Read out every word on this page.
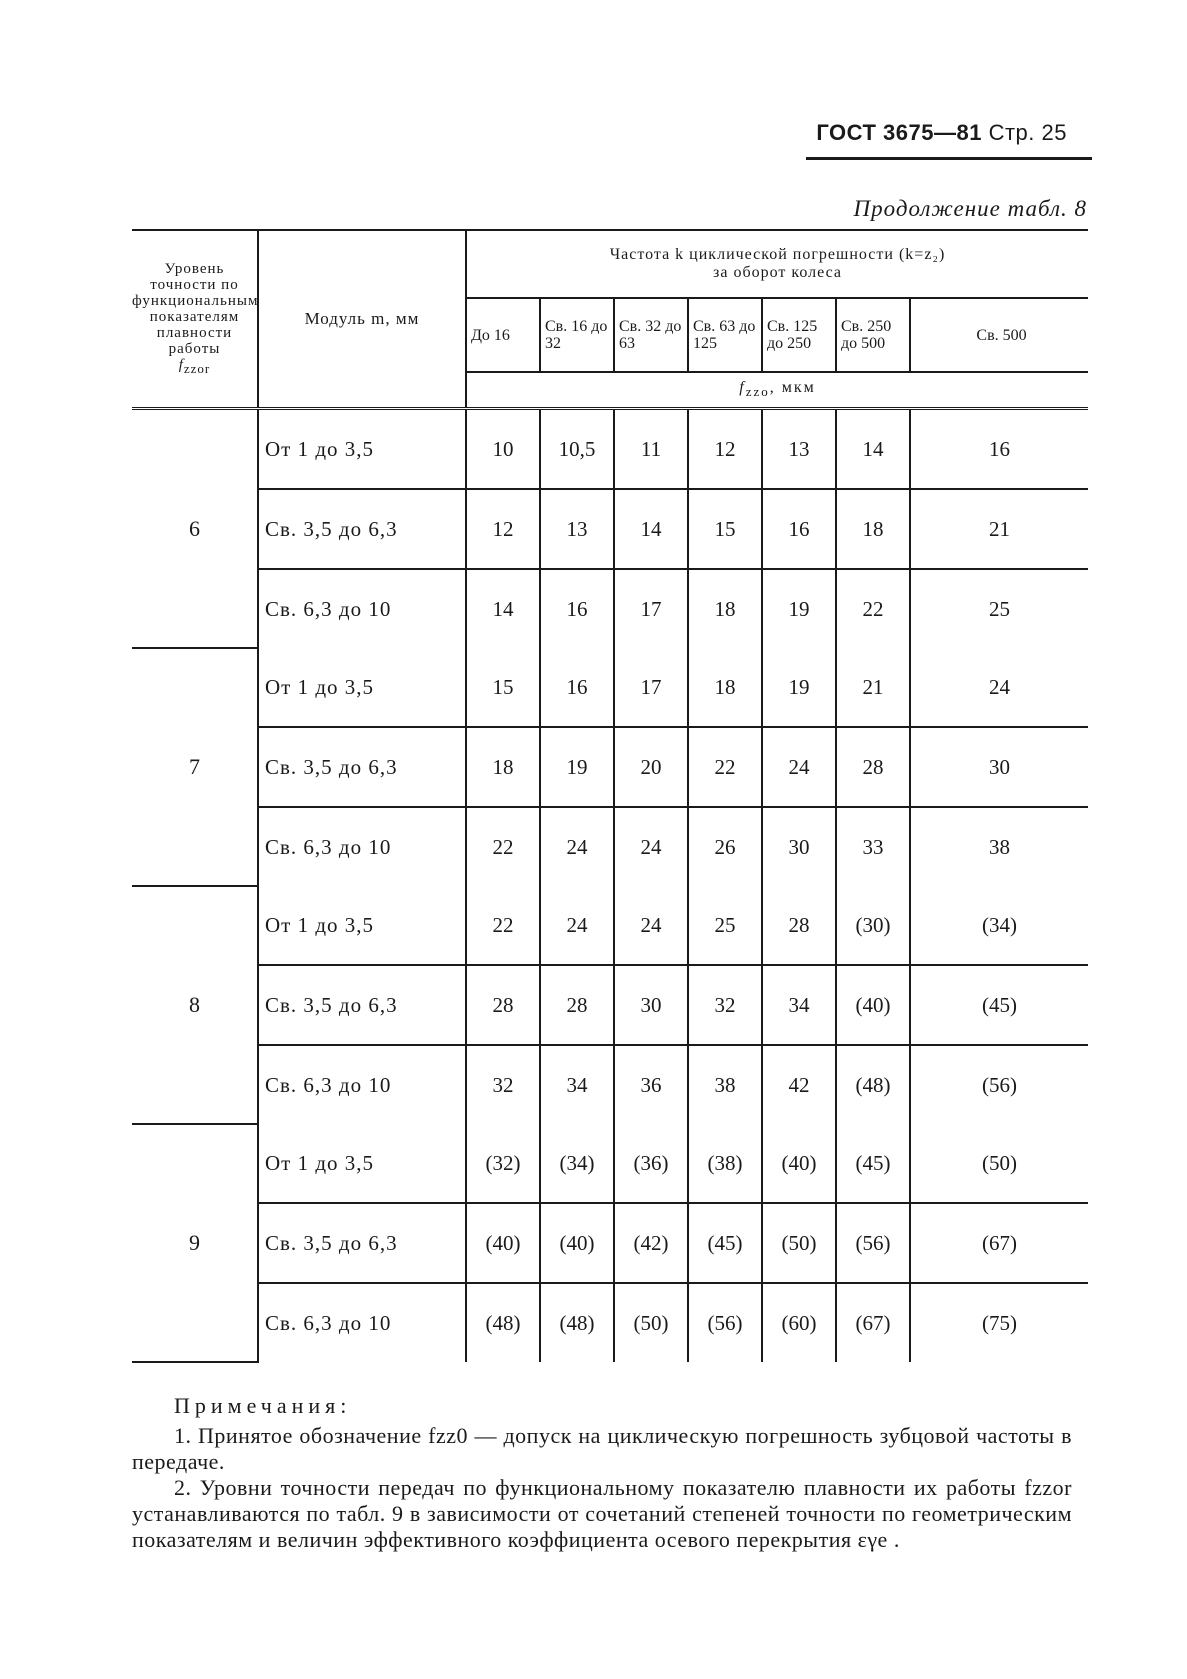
ГОСТ 3675—81 Стр. 25
Продолжение табл. 8
Уровень точности по функциональным показателям плавности работы
$f_{zzor}$	Модуль m, мм	Частота k циклической погрешности (k=z₂)
за оборот колеса						
		До 16	Св. 16 до 32	Св. 32 до 63	Св. 63 до 125	Св. 125 до 250	Св. 250 до 500	Св. 500
		$f_{zzo}$, мкм						
6	От 1 до 3,5	10	10,5	11	12	13	14	16
	Св. 3,5 до 6,3	12	13	14	15	16	18	21
	Св. 6,3 до 10	14	16	17	18	19	22	25
7	От 1 до 3,5	15	16	17	18	19	21	24
	Св. 3,5 до 6,3	18	19	20	22	24	28	30
	Св. 6,3 до 10	22	24	24	26	30	33	38
8	От 1 до 3,5	22	24	24	25	28	(30)	(34)
	Св. 3,5 до 6,3	28	28	30	32	34	(40)	(45)
	Св. 6,3 до 10	32	34	36	38	42	(48)	(56)
9	От 1 до 3,5	(32)	(34)	(36)	(38)	(40)	(45)	(50)
	Св. 3,5 до 6,3	(40)	(40)	(42)	(45)	(50)	(56)	(67)
	Св. 6,3 до 10	(48)	(48)	(50)	(56)	(60)	(67)	(75)
Примечания:

1. Принятое обозначение fzz0 — допуск на циклическую погрешность зубцовой частоты в передаче.

2. Уровни точности передач по функциональному показателю плавности их работы fzzor устанавливаются по табл. 9 в зависимости от сочетаний степеней точности по геометрическим показателям и величин эффективного коэффициента осевого перекрытия εγe .
